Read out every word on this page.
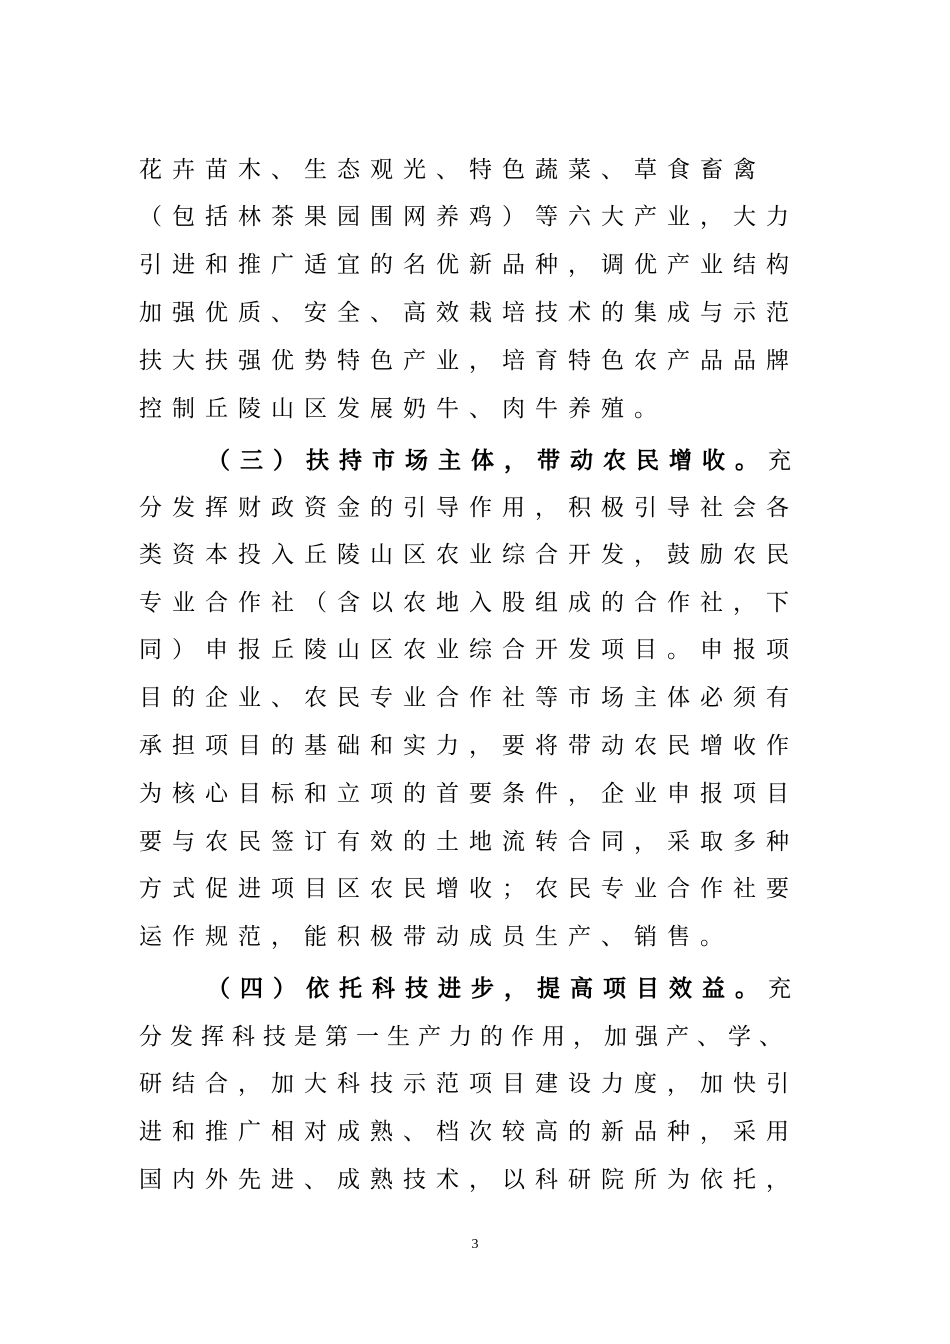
花卉苗木、生态观光、特色蔬菜、草食畜禽
（包括林茶果园围网养鸡）等六大产业，大力
引进和推广适宜的名优新品种，调优产业结构
加强优质、安全、高效栽培技术的集成与示范
扶大扶强优势特色产业，培育特色农产品品牌
控制丘陵山区发展奶牛、肉牛养殖。
（三）扶持市场主体，带动农民增收。充
分发挥财政资金的引导作用，积极引导社会各
类资本投入丘陵山区农业综合开发，鼓励农民
专业合作社（含以农地入股组成的合作社，下
同）申报丘陵山区农业综合开发项目。申报项
目的企业、农民专业合作社等市场主体必须有
承担项目的基础和实力，要将带动农民增收作
为核心目标和立项的首要条件，企业申报项目
要与农民签订有效的土地流转合同，采取多种
方式促进项目区农民增收；农民专业合作社要
运作规范，能积极带动成员生产、销售。
（四）依托科技进步，提高项目效益。充
分发挥科技是第一生产力的作用，加强产、学、
研结合，加大科技示范项目建设力度，加快引
进和推广相对成熟、档次较高的新品种，采用
国内外先进、成熟技术，以科研院所为依托，
3
